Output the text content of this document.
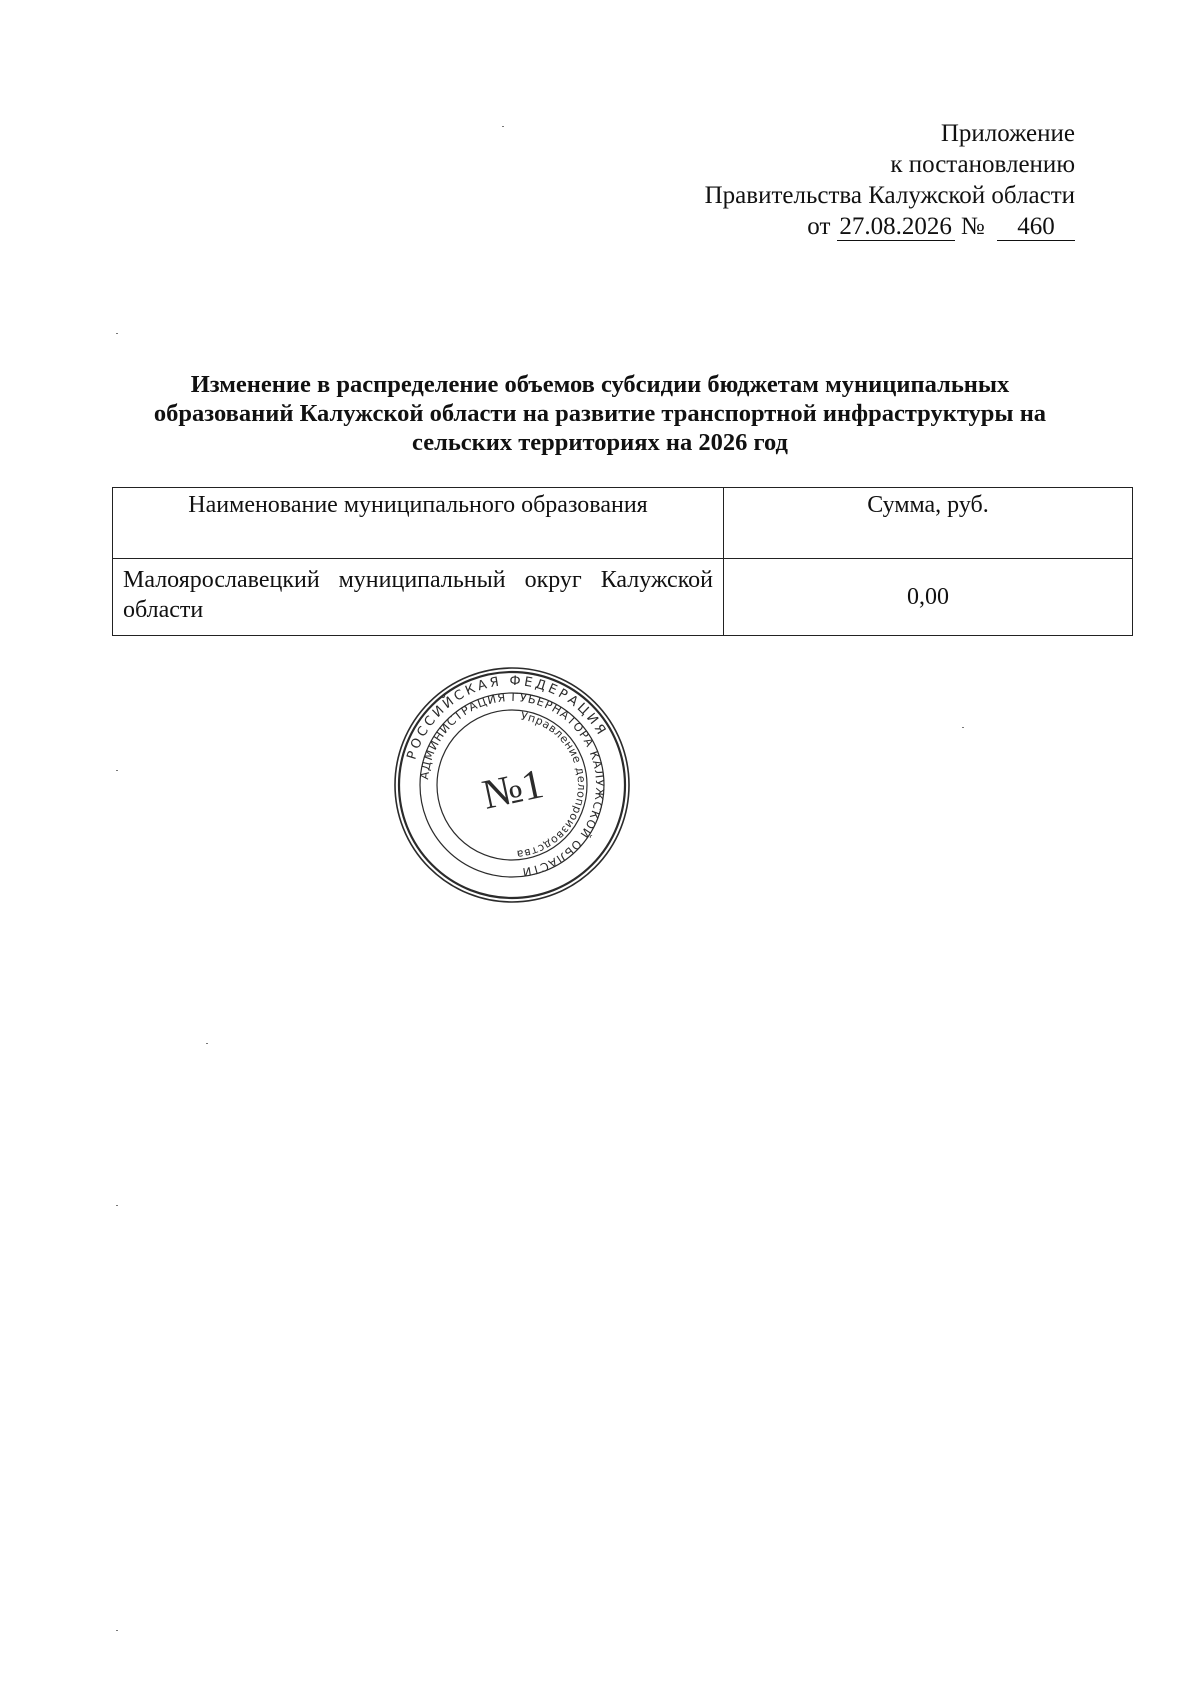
Приложение
к постановлению
Правительства Калужской области
от 27.08.2026 № 460
Изменение в распределение объемов субсидии бюджетам муниципальных образований Калужской области на развитие транспортной инфраструктуры на сельских территориях на 2026 год
Наименование муниципального образования	Сумма, руб.
Малоярославецкий муниципальный округ Калужской области	0,00
РОССИЙСКАЯ ФЕДЕРАЦИЯ
АДМИНИСТРАЦИЯ ГУБЕРНАТОРА КАЛУЖСКОЙ ОБЛАСТИ
Управление делопроизводства
№1
